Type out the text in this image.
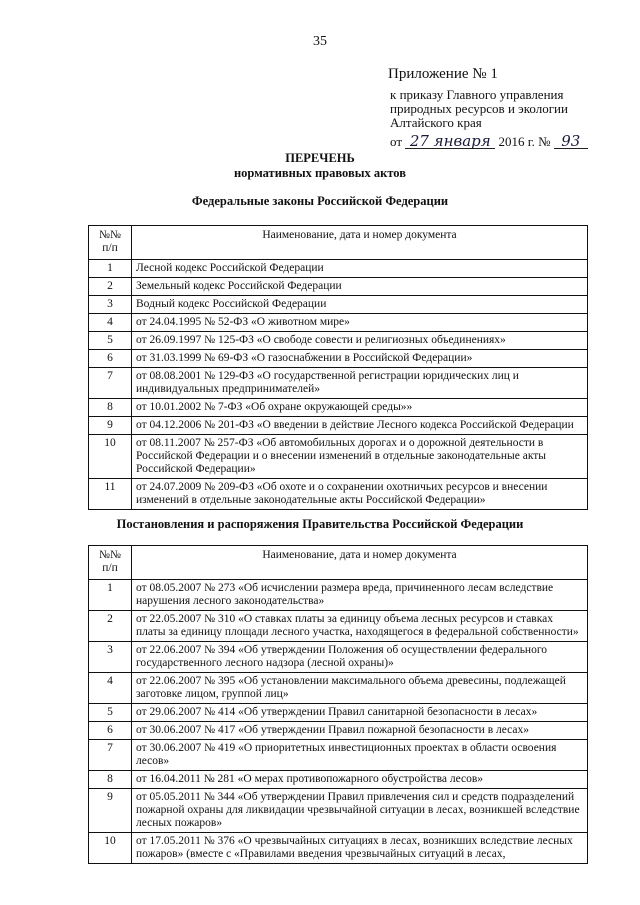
35
Приложение № 1
к приказу Главного управления природных ресурсов и экологии Алтайского края
от 27 января 2016 г. № 93
ПЕРЕЧЕНЬ
нормативных правовых актов
Федеральные законы Российской Федерации
№№ п/п	Наименование, дата и номер документа
1	Лесной кодекс Российской Федерации
2	Земельный кодекс Российской Федерации
3	Водный кодекс Российской Федерации
4	от 24.04.1995 № 52-ФЗ «О животном мире»
5	от 26.09.1997 № 125-ФЗ «О свободе совести и религиозных объединениях»
6	от 31.03.1999 № 69-ФЗ «О газоснабжении в Российской Федерации»
7	от 08.08.2001 № 129-ФЗ «О государственной регистрации юридических лиц и индивидуальных предпринимателей»
8	от 10.01.2002 № 7-ФЗ «Об охране окружающей среды»»
9	от 04.12.2006 № 201-ФЗ «О введении в действие Лесного кодекса Российской Федерации
10	от 08.11.2007 № 257-ФЗ «Об автомобильных дорогах и о дорожной деятельности в Российской Федерации и о внесении изменений в отдельные законодательные акты Российской Федерации»
11	от 24.07.2009 № 209-ФЗ «Об охоте и о сохранении охотничьих ресурсов и внесении изменений в отдельные законодательные акты Российской Федерации»
Постановления и распоряжения Правительства Российской Федерации
№№ п/п	Наименование, дата и номер документа
1	от 08.05.2007 № 273 «Об исчислении размера вреда, причиненного лесам вследствие нарушения лесного законодательства»
2	от 22.05.2007 № 310 «О ставках платы за единицу объема лесных ресурсов и ставках платы за единицу площади лесного участка, находящегося в федеральной собственности»
3	от 22.06.2007 № 394 «Об утверждении Положения об осуществлении федерального государственного лесного надзора (лесной охраны)»
4	от 22.06.2007 № 395 «Об установлении максимального объема древесины, подлежащей заготовке лицом, группой лиц»
5	от 29.06.2007 № 414 «Об утверждении Правил санитарной безопасности в лесах»
6	от 30.06.2007 № 417 «Об утверждении Правил пожарной безопасности в лесах»
7	от 30.06.2007 № 419 «О приоритетных инвестиционных проектах в области освоения лесов»
8	от 16.04.2011 № 281 «О мерах противопожарного обустройства лесов»
9	от 05.05.2011 № 344 «Об утверждении Правил привлечения сил и средств подразделений пожарной охраны для ликвидации чрезвычайной ситуации в лесах, возникшей вследствие лесных пожаров»
10	от 17.05.2011 № 376 «О чрезвычайных ситуациях в лесах, возникших вследствие лесных пожаров» (вместе с «Правилами введения чрезвычайных ситуаций в лесах,
